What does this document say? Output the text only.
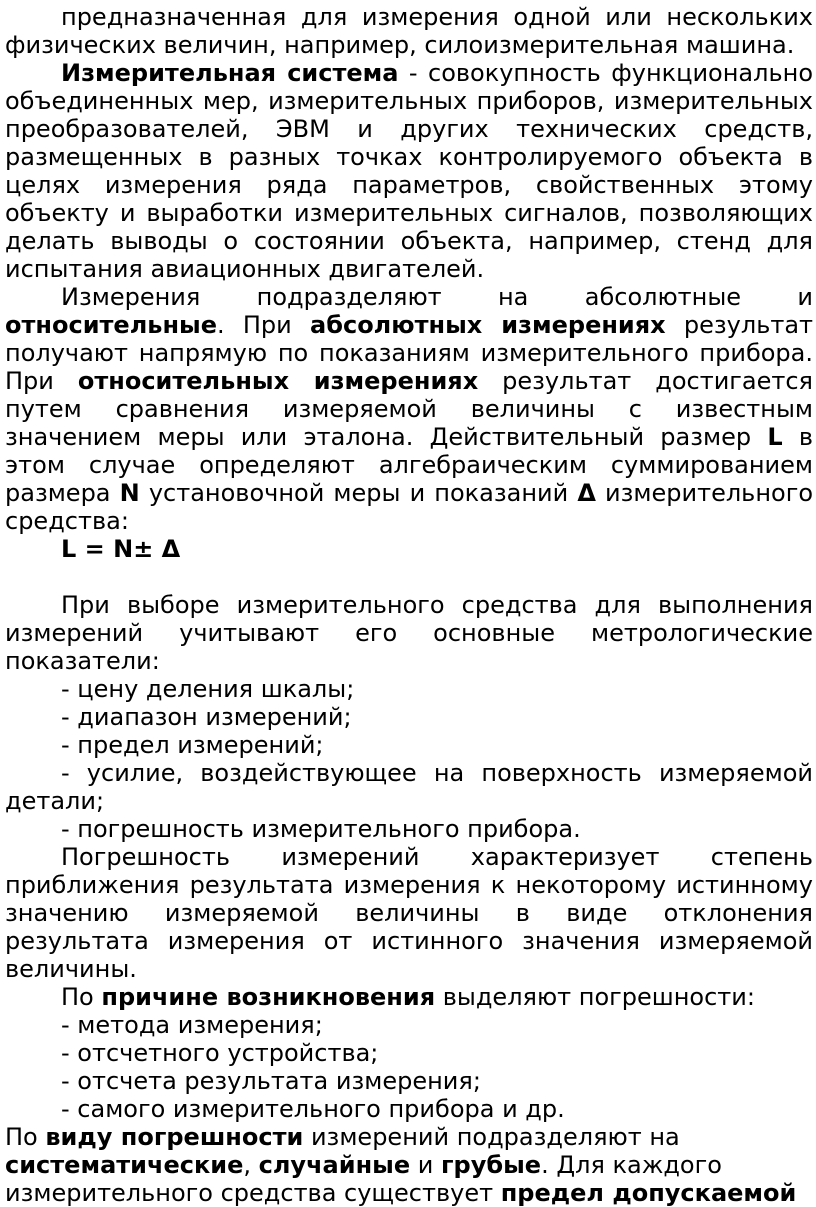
предназначенная для измерения одной или нескольких

физических величин, например, силоизмерительная машина.

Измерительная система - совокупность функционально объединенных мер, измерительных приборов, измерительных преобразователей, ЭВМ и других технических средств, размещенных в разных точках контролируемого объекта в целях измерения ряда параметров, свойственных этому объекту и выработки измерительных сигналов, позволяющих делать выводы о состоянии объекта, например, стенд для испытания авиационных двигателей.

Измерения подразделяют на абсолютные и относительные. При абсолютных измерениях результат получают напрямую по показаниям измерительного прибора. При относительных измерениях результат достигается путем сравнения измеряемой величины с известным значением меры или эталона. Действительный размер L в этом случае определяют алгебраическим суммированием размера N установочной меры и показаний Δ измерительного средства:

L = N± Δ

При выборе измерительного средства для выполнения измерений учитывают его основные метрологические показатели:

- цену деления шкалы;

- диапазон измерений;

- предел измерений;

- усилие, воздействующее на поверхность измеряемой детали;

- погрешность измерительного прибора.

Погрешность измерений характеризует степень приближения результата измерения к некоторому истинному значению измеряемой величины в виде отклонения результата измерения от истинного значения измеряемой величины.

По причине возникновения выделяют погрешности:

- метода измерения;

- отсчетного устройства;

- отсчета результата измерения;

- самого измерительного прибора и др.

По виду погрешности измерений подразделяют на

систематические, случайные и грубые. Для каждого

измерительного средства существует предел допускаемой
